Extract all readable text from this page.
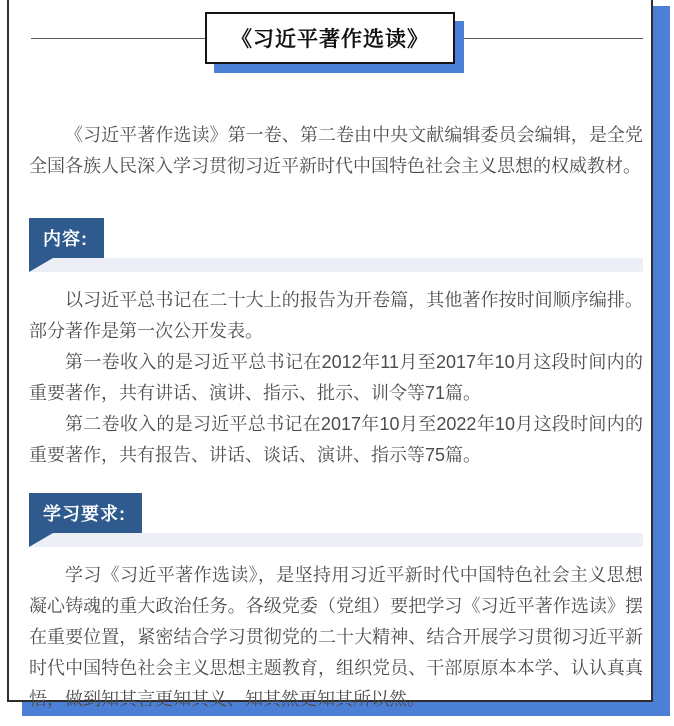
《习近平著作选读》

《习近平著作选读》第一卷、第二卷由中央文献编辑委员会编辑，是全党全国各族人民深入学习贯彻习近平新时代中国特色社会主义思想的权威教材。

内容:

以习近平总书记在二十大上的报告为开卷篇，其他著作按时间顺序编排。部分著作是第一次公开发表。

第一卷收入的是习近平总书记在2012年11月至2017年10月这段时间内的重要著作，共有讲话、演讲、指示、批示、训令等71篇。

第二卷收入的是习近平总书记在2017年10月至2022年10月这段时间内的重要著作，共有报告、讲话、谈话、演讲、指示等75篇。

学习要求:

学习《习近平著作选读》，是坚持用习近平新时代中国特色社会主义思想凝心铸魂的重大政治任务。各级党委（党组）要把学习《习近平著作选读》摆在重要位置，紧密结合学习贯彻党的二十大精神、结合开展学习贯彻习近平新时代中国特色社会主义思想主题教育，组织党员、干部原原本本学、认认真真悟，做到知其言更知其义、知其然更知其所以然。
